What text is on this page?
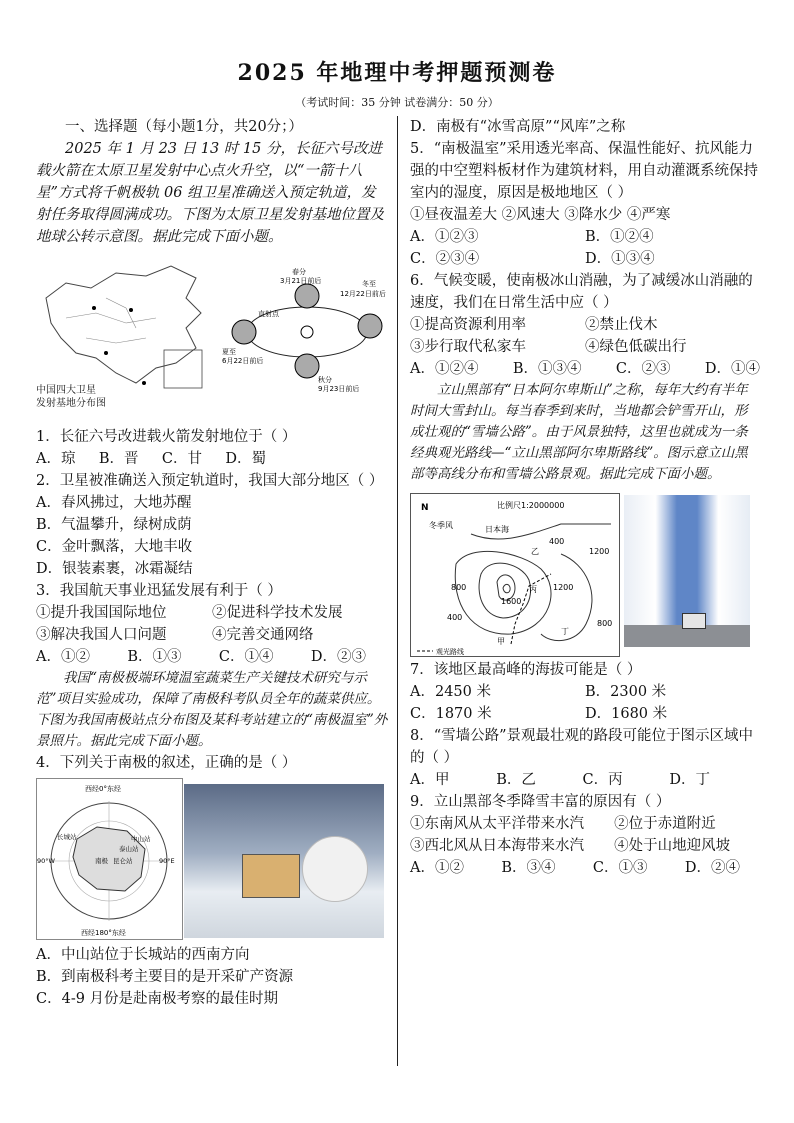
2025 年地理中考押题预测卷
（考试时间：35 分钟 试卷满分：50 分）

一、选择题（每小题1分，共20分；）

2025 年 1 月 23 日 13 时 15 分，长征六号改进载火箭在太原卫星发射中心点火升空，以“一箭十八星”方式将千帆极轨 06 组卫星准确送入预定轨道，发射任务取得圆满成功。下图为太原卫星发射基地位置及地球公转示意图。据此完成下面小题。

中国四大卫星
发射基地分布图
春分
3月21日前后	冬至
12月22日前后
夏至
6月22日前后
秋分
9月23日前后
直射点

1．长征六号改进载火箭发射地位于（ ）

A．琼 B．晋 C．甘 D．蜀

2．卫星被准确送入预定轨道时，我国大部分地区（ ）

A．春风拂过，大地苏醒

B．气温攀升，绿树成荫

C．金叶飘落，大地丰收

D．银装素裹，冰霜凝结

3．我国航天事业迅猛发展有利于（ ）

①提升我国国际地位	②促进科学技术发展
③解决我国人口问题	④完善交通网络
A．①②	B．①③	C．①④	D．②③

我国“南极极端环境温室蔬菜生产关键技术研究与示范”项目实验成功，保障了南极科考队员全年的蔬菜供应。下图为我国南极站点分布图及某科考站建立的“南极温室”外景照片。据此完成下面小题。

4．下列关于南极的叙述，正确的是（ ）

西经0°东经
西经180°东经
长城站	中山站
泰山站
昆仑站
南极
90°W	90°E

A．中山站位于长城站的西南方向

B．到南极科考主要目的是开采矿产资源

C．4-9 月份是赴南极考察的最佳时期

D．南极有“冰雪高原”“风库”之称

5．“南极温室”采用透光率高、保温性能好、抗风能力强的中空塑料板材作为建筑材料，用自动灌溉系统保持室内的湿度，原因是极地地区（ ）

①昼夜温差大 ②风速大 ③降水少 ④严寒

A．①②③	B．①②④
C．②③④	D．①③④

6．气候变暖，使南极冰山消融，为了减缓冰山消融的速度，我们在日常生活中应（ ）

①提高资源利用率	②禁止伐木
③步行取代私家车	④绿色低碳出行
A．①②④ B．①③④ C．②③ D．①④

立山黑部有“日本阿尔卑斯山”之称，每年大约有半年时间大雪封山。每当春季到来时，当地都会铲雪开山，形成壮观的“雪墙公路”。由于风景独特，这里也就成为一条经典观光路线—“立山黑部阿尔卑斯路线”。图示意立山黑部等高线分布和雪墙公路景观。据此完成下面小题。

N	比例尺1:2000000
冬季风	日本海
400
1200
1200
1600
800
400
800
乙
丙
丁
甲
观光路线

7．该地区最高峰的海拔可能是（ ）

A．2450 米	B．2300 米
C．1870 米	D．1680 米

8．“雪墙公路”景观最壮观的路段可能位于图示区域中的（ ）

A．甲	B．乙	C．丙	D．丁

9．立山黑部冬季降雪丰富的原因有（ ）

①东南风从太平洋带来水汽	②位于赤道附近
③西北风从日本海带来水汽	④处于山地迎风坡
A．①②	B．③④	C．①③	D．②④
